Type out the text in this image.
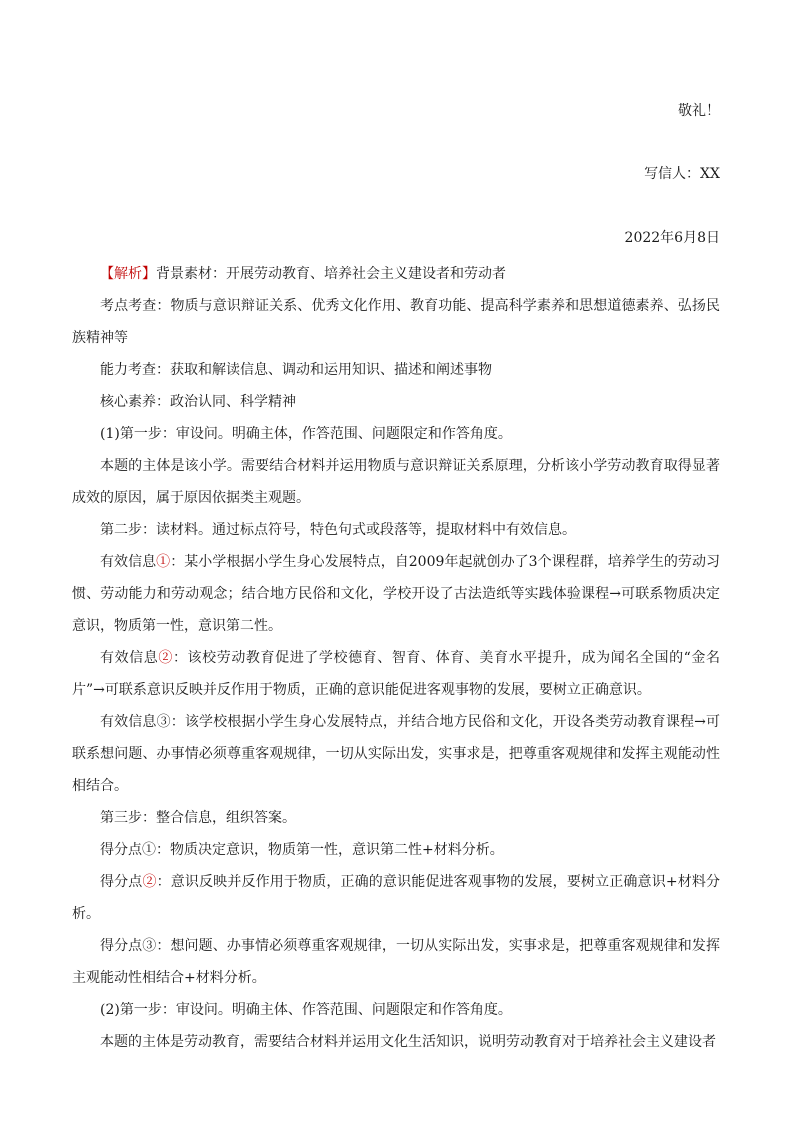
敬礼！
写信人：XX
2022年6月8日

【解析】背景素材：开展劳动教育、培养社会主义建设者和劳动者

考点考查：物质与意识辩证关系、优秀文化作用、教育功能、提高科学素养和思想道德素养、弘扬民族精神等

能力考查：获取和解读信息、调动和运用知识、描述和阐述事物

核心素养：政治认同、科学精神

(1)第一步：审设问。明确主体，作答范围、问题限定和作答角度。

本题的主体是该小学。需要结合材料并运用物质与意识辩证关系原理，分析该小学劳动教育取得显著成效的原因，属于原因依据类主观题。

第二步：读材料。通过标点符号，特色句式或段落等，提取材料中有效信息。

有效信息①：某小学根据小学生身心发展特点，自2009年起就创办了3个课程群，培养学生的劳动习惯、劳动能力和劳动观念；结合地方民俗和文化，学校开设了古法造纸等实践体验课程→可联系物质决定意识，物质第一性，意识第二性。

有效信息②：该校劳动教育促进了学校德育、智育、体育、美育水平提升，成为闻名全国的“金名片”→可联系意识反映并反作用于物质，正确的意识能促进客观事物的发展，要树立正确意识。

有效信息③：该学校根据小学生身心发展特点，并结合地方民俗和文化，开设各类劳动教育课程→可联系想问题、办事情必须尊重客观规律，一切从实际出发，实事求是，把尊重客观规律和发挥主观能动性相结合。

第三步：整合信息，组织答案。

得分点①：物质决定意识，物质第一性，意识第二性+材料分析。

得分点②：意识反映并反作用于物质，正确的意识能促进客观事物的发展，要树立正确意识+材料分析。

得分点③：想问题、办事情必须尊重客观规律，一切从实际出发，实事求是，把尊重客观规律和发挥主观能动性相结合+材料分析。

(2)第一步：审设问。明确主体、作答范围、问题限定和作答角度。

本题的主体是劳动教育，需要结合材料并运用文化生活知识，说明劳动教育对于培养社会主义建设者
